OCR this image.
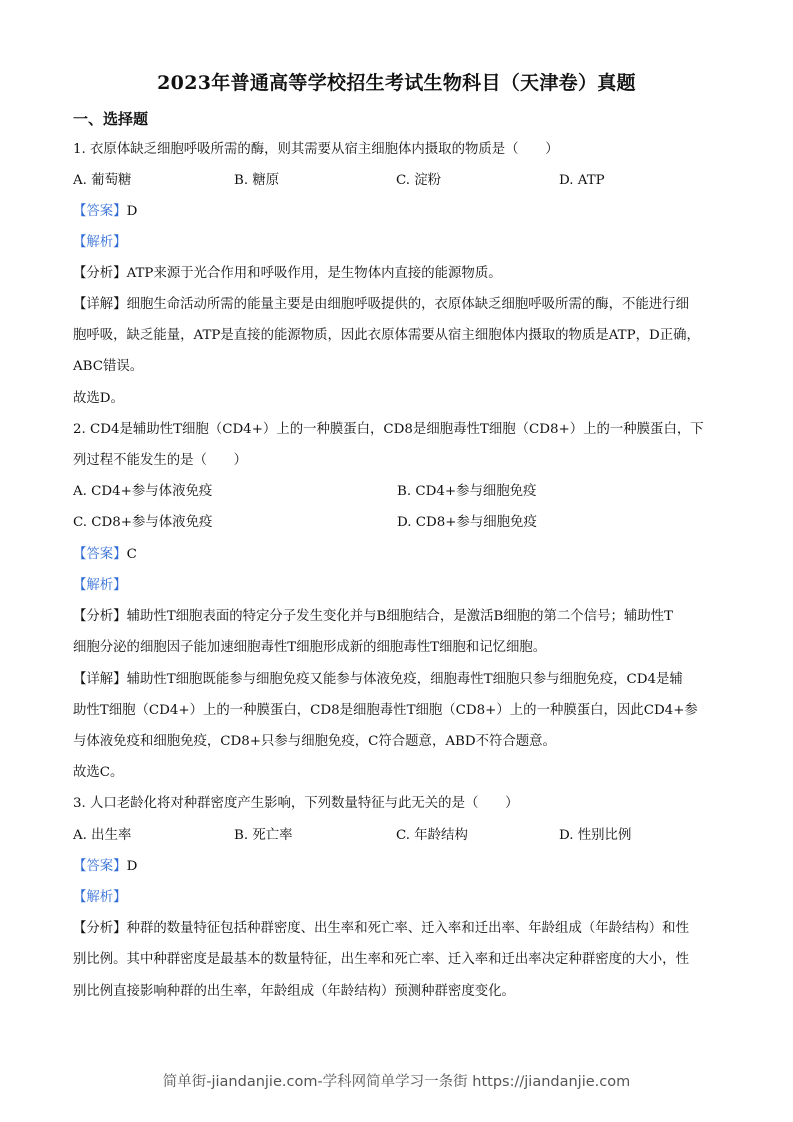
2023年普通高等学校招生考试生物科目（天津卷）真题
一、选择题
1. 衣原体缺乏细胞呼吸所需的酶，则其需要从宿主细胞体内摄取的物质是（　　）
A. 葡萄糖	B. 糖原	C. 淀粉	D. ATP
【答案】D
【解析】
【分析】ATP来源于光合作用和呼吸作用，是生物体内直接的能源物质。
【详解】细胞生命活动所需的能量主要是由细胞呼吸提供的，衣原体缺乏细胞呼吸所需的酶，不能进行细
胞呼吸，缺乏能量，ATP是直接的能源物质，因此衣原体需要从宿主细胞体内摄取的物质是ATP，D正确，
ABC错误。
故选D。
2. CD4是辅助性T细胞（CD4+）上的一种膜蛋白，CD8是细胞毒性T细胞（CD8+）上的一种膜蛋白，下
列过程不能发生的是（　　）
A. CD4+参与体液免疫	B. CD4+参与细胞免疫
C. CD8+参与体液免疫	D. CD8+参与细胞免疫
【答案】C
【解析】
【分析】辅助性T细胞表面的特定分子发生变化并与B细胞结合，是激活B细胞的第二个信号；辅助性T
细胞分泌的细胞因子能加速细胞毒性T细胞形成新的细胞毒性T细胞和记忆细胞。
【详解】辅助性T细胞既能参与细胞免疫又能参与体液免疫，细胞毒性T细胞只参与细胞免疫，CD4是辅
助性T细胞（CD4+）上的一种膜蛋白，CD8是细胞毒性T细胞（CD8+）上的一种膜蛋白，因此CD4+参
与体液免疫和细胞免疫，CD8+只参与细胞免疫，C符合题意，ABD不符合题意。
故选C。
3. 人口老龄化将对种群密度产生影响，下列数量特征与此无关的是（　　）
A. 出生率	B. 死亡率	C. 年龄结构	D. 性别比例
【答案】D
【解析】
【分析】种群的数量特征包括种群密度、出生率和死亡率、迁入率和迁出率、年龄组成（年龄结构）和性
别比例。其中种群密度是最基本的数量特征，出生率和死亡率、迁入率和迁出率决定种群密度的大小，性
别比例直接影响种群的出生率，年龄组成（年龄结构）预测种群密度变化。
简单街-jiandanjie.com-学科网简单学习一条街 https://jiandanjie.com
